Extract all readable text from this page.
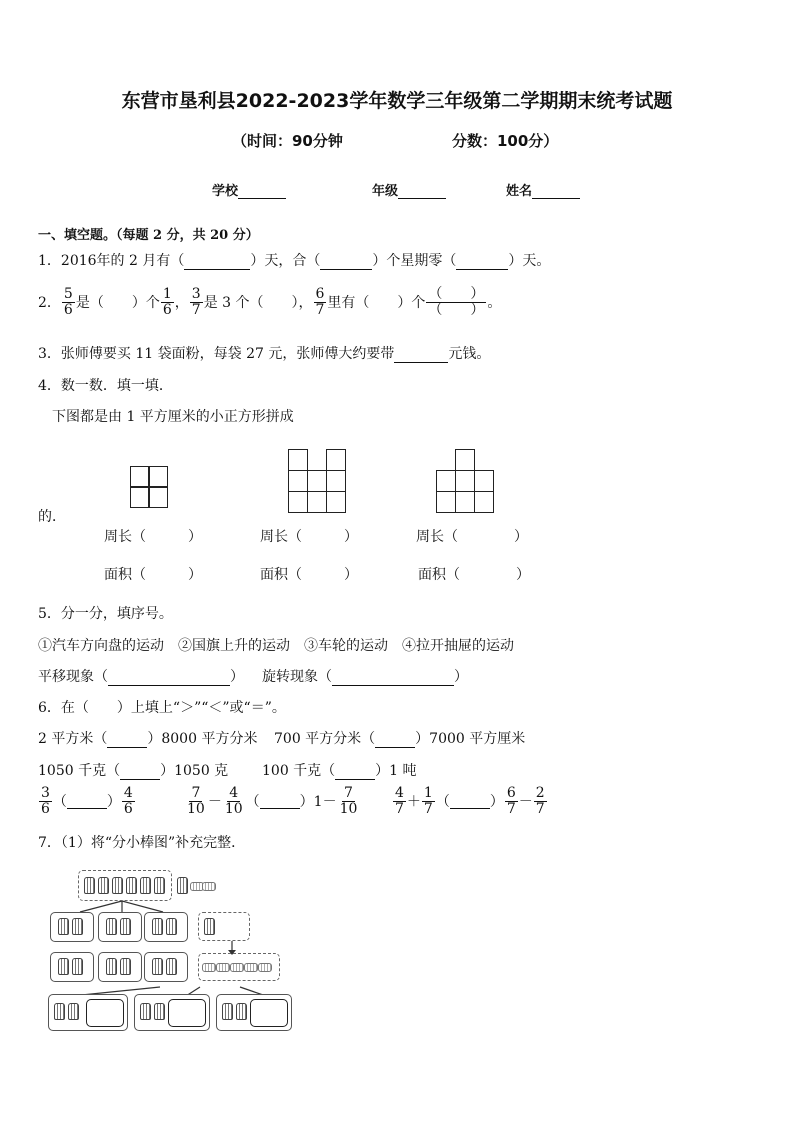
东营市垦利县2022-2023学年数学三年级第二学期期末统考试题
（时间：90分钟	分数：100分）
学校	年级	姓名
一、填空题。（每题 2 分，共 20 分）
1．2016年的 2 月有（	）天，合（	）个星期零（	）天。
2． $\frac{5}{6}$ 是（　　）个 $\frac{1}{6}$ ， $\frac{3}{7}$ 是 3 个（　　）， $\frac{6}{7}$ 里有（　　）个 $\frac{( )}{( )}$ 。
3．张师傅要买 11 袋面粉，每袋 27 元，张师傅大约要带	元钱。
4．数一数．填一填．
下图都是由 1 平方厘米的小正方形拼成
的．
周长（　　　）
面积（　　　）
周长（　　　）
面积（　　　）
周长（　　　　）
面积（　　　　）
5．分一分，填序号。
①汽车方向盘的运动　②国旗上升的运动　③车轮的运动　④拉开抽屉的运动
平移现象（	） 旋转现象（	）
6．在（　　）上填上“＞”“＜”或“＝”。
2 平方米（	）8000 平方分米 700 平方分米（	）7000 平方厘米
1050 千克（	）1050 克 100 千克（	）1 吨
$\frac{3}{6}$ （	） $\frac{4}{6}$	$\frac{7}{10} - \frac{4}{10}$ （	）$1- \frac{7}{10} \frac{4}{7} + \frac{1}{7}$ （	） $\frac{6}{7} - \frac{2}{7}$
7．（1）将“分小棒图”补充完整．
